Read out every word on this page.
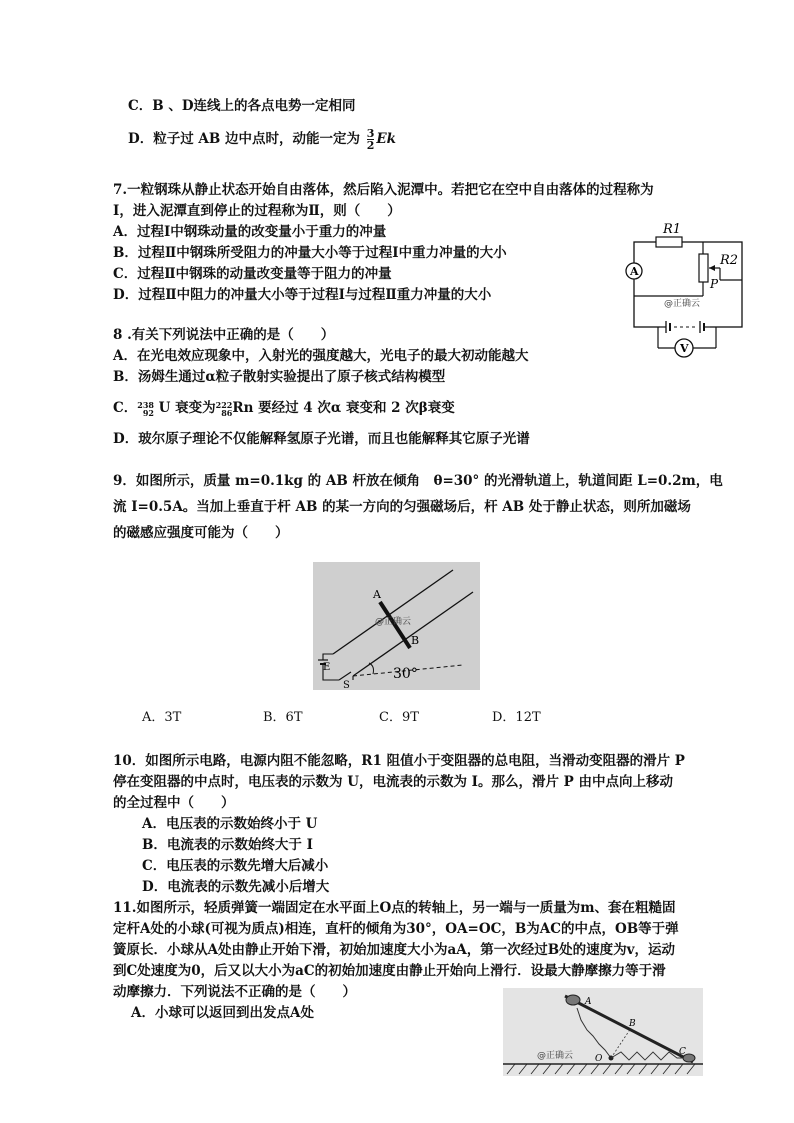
C．B 、D连线上的各点电势一定相同
D．粒子过 AB 边中点时，动能一定为 $\frac{3}{2}$ Ek
7.一粒钢珠从静止状态开始自由落体，然后陷入泥潭中。若把它在空中自由落体的过程称为
Ⅰ，进入泥潭直到停止的过程称为Ⅱ，则（　　）
A．过程Ⅰ中钢珠动量的改变量小于重力的冲量
B．过程Ⅱ中钢珠所受阻力的冲量大小等于过程Ⅰ中重力冲量的大小
C．过程Ⅱ中钢珠的动量改变量等于阻力的冲量
D．过程Ⅱ中阻力的冲量大小等于过程Ⅰ与过程Ⅱ重力冲量的大小
R1
R2
P
A
V
@正确云
8 .有关下列说法中正确的是（　　）
A．在光电效应现象中，入射光的强度越大，光电子的最大初动能越大
B．汤姆生通过α粒子散射实验提出了原子核式结构模型
C． 238
92 U 衰变为 222
86 Rn 要经过 4 次α 衰变和 2 次β衰变
D．玻尔原子理论不仅能解释氢原子光谱，而且也能解释其它原子光谱
9．如图所示，质量 m=0.1kg 的 AB 杆放在倾角　θ=30° 的光滑轨道上，轨道间距 L=0.2m，电
流 I=0.5A。当加上垂直于杆 AB 的某一方向的匀强磁场后，杆 AB 处于静止状态，则所加磁场
的磁感应强度可能为（　　）
A
B
E
S
30°
@正确云
A．3T	B．6T	C．9T	D．12T
10．如图所示电路，电源内阻不能忽略，R1 阻值小于变阻器的总电阻，当滑动变阻器的滑片 P
停在变阻器的中点时，电压表的示数为 U，电流表的示数为 I。那么，滑片 P 由中点向上移动
的全过程中（　　）
A．电压表的示数始终小于 U
B．电流表的示数始终大于 I
C．电压表的示数先增大后减小
D．电流表的示数先减小后增大
11.如图所示，轻质弹簧一端固定在水平面上O点的转轴上，另一端与一质量为m、套在粗糙固
定杆A处的小球(可视为质点)相连，直杆的倾角为30°，OA=OC，B为AC的中点，OB等于弹
簧原长．小球从A处由静止开始下滑，初始加速度大小为aA，第一次经过B处的速度为v，运动
到C处速度为0，后又以大小为aC的初始加速度由静止开始向上滑行．设最大静摩擦力等于滑
动摩擦力．下列说法不正确的是（　　）
A．小球可以返回到出发点A处
A
B
O
C
@正确云
